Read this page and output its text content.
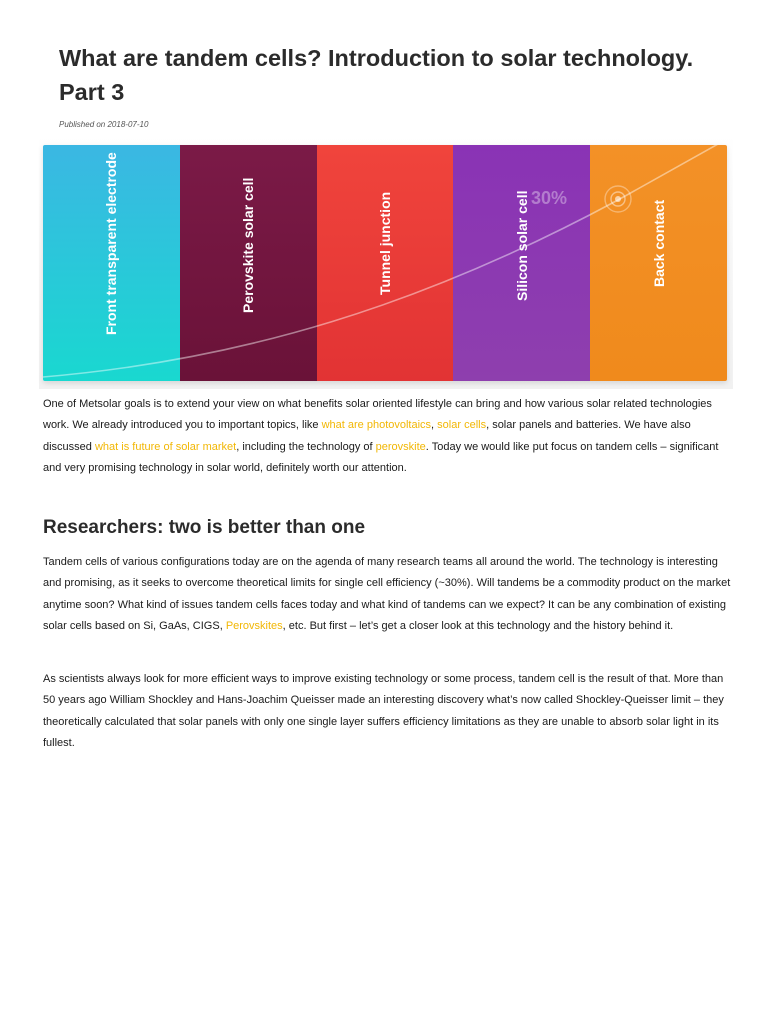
What are tandem cells? Introduction to solar technology. Part 3
Published on 2018-07-10
Front transparent electrode	Perovskite solar cell	Tunnel junction	Silicon solar cell	Back contact
30%

One of Metsolar goals is to extend your view on what benefits solar oriented lifestyle can bring and how various solar related technologies work. We already introduced you to important topics, like what are photovoltaics, solar cells, solar panels and batteries. We have also discussed what is future of solar market, including the technology of perovskite. Today we would like put focus on tandem cells – significant and very promising technology in solar world, definitely worth our attention.

Researchers: two is better than one

Tandem cells of various configurations today are on the agenda of many research teams all around the world. The technology is interesting and promising, as it seeks to overcome theoretical limits for single cell efficiency (~30%). Will tandems be a commodity product on the market anytime soon? What kind of issues tandem cells faces today and what kind of tandems can we expect? It can be any combination of existing solar cells based on Si, GaAs, CIGS, Perovskites, etc. But first – let’s get a closer look at this technology and the history behind it.

As scientists always look for more efficient ways to improve existing technology or some process, tandem cell is the result of that. More than 50 years ago William Shockley and Hans-Joachim Queisser made an interesting discovery what’s now called Shockley-Queisser limit – they theoretically calculated that solar panels with only one single layer suffers efficiency limitations as they are unable to absorb solar light in its fullest.
